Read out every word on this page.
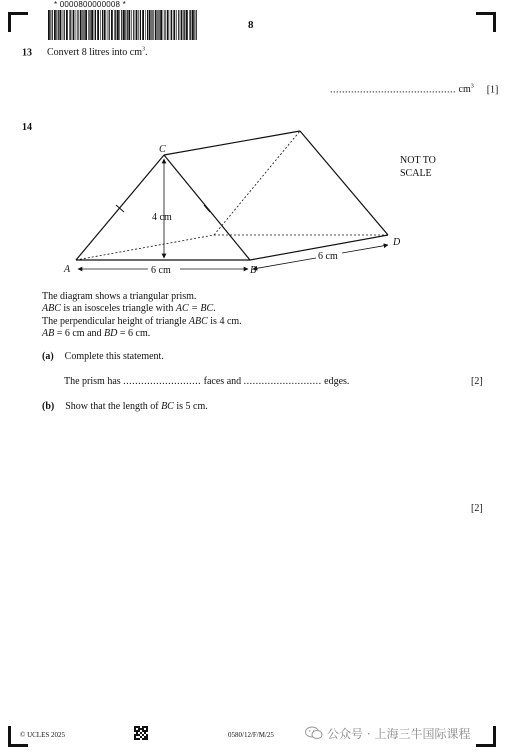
* 0000800000008 *
8
13 Convert 8 litres into $cm^3$.
.......................................... $cm^3$ [1]
14
C
A	B
D
4 cm
6 cm
6 cm
NOT TO
SCALE
The diagram shows a triangular prism.
ABC is an isosceles triangle with AC = BC.
The perpendicular height of triangle ABC is 4 cm.
AB = 6 cm and BD = 6 cm.
(a) Complete this statement.
The prism has .......................... faces and .......................... edges.	[2]
(b) Show that the length of BC is 5 cm.
[2]
© UCLES 2025	0580/12/F/M/25	公众号 · 上海三牛国际课程
